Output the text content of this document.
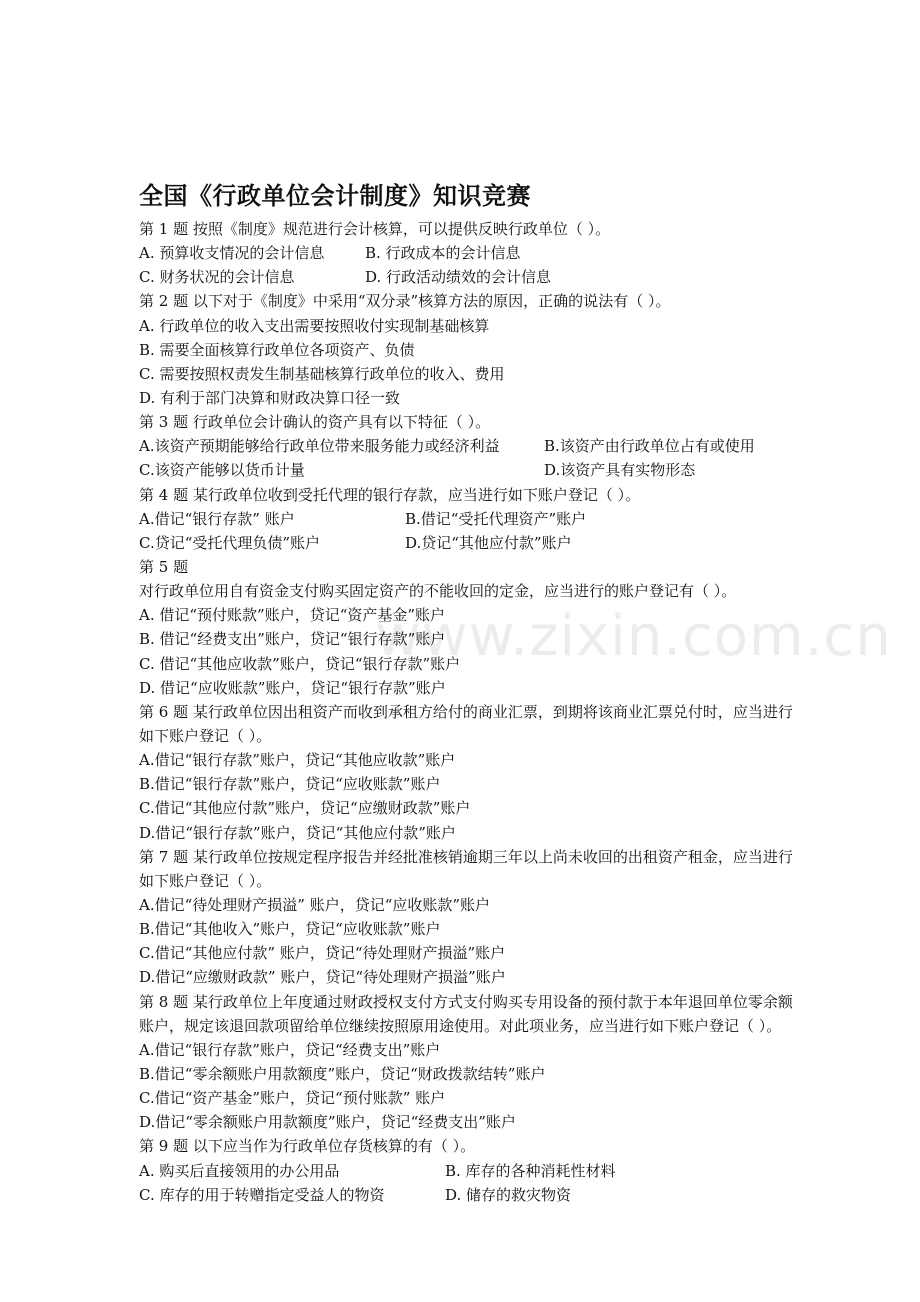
www.zixin.com.cn
全国《行政单位会计制度》知识竞赛
第 1 题 按照《制度》规范进行会计核算，可以提供反映行政单位（ ）。
A. 预算收支情况的会计信息	B. 行政成本的会计信息
C. 财务状况的会计信息	D. 行政活动绩效的会计信息
第 2 题 以下对于《制度》中采用“双分录”核算方法的原因，正确的说法有（ ）。
A. 行政单位的收入支出需要按照收付实现制基础核算
B. 需要全面核算行政单位各项资产、负债
C. 需要按照权责发生制基础核算行政单位的收入、费用
D. 有利于部门决算和财政决算口径一致
第 3 题 行政单位会计确认的资产具有以下特征（ ）。
A.该资产预期能够给行政单位带来服务能力或经济利益	B.该资产由行政单位占有或使用
C.该资产能够以货币计量	D.该资产具有实物形态
第 4 题 某行政单位收到受托代理的银行存款，应当进行如下账户登记（ ）。
A.借记“银行存款” 账户	B.借记“受托代理资产”账户
C.贷记“受托代理负债”账户	D.贷记“其他应付款”账户
第 5 题
对行政单位用自有资金支付购买固定资产的不能收回的定金，应当进行的账户登记有（ ）。
A. 借记“预付账款”账户，贷记“资产基金”账户
B. 借记“经费支出”账户，贷记“银行存款”账户
C. 借记“其他应收款”账户，贷记“银行存款”账户
D. 借记“应收账款”账户，贷记“银行存款”账户
第 6 题 某行政单位因出租资产而收到承租方给付的商业汇票，到期将该商业汇票兑付时，应当进行如下账户登记（ ）。
A.借记“银行存款”账户，贷记“其他应收款”账户
B.借记“银行存款”账户，贷记“应收账款”账户
C.借记“其他应付款”账户，贷记“应缴财政款”账户
D.借记“银行存款”账户，贷记“其他应付款”账户
第 7 题 某行政单位按规定程序报告并经批准核销逾期三年以上尚未收回的出租资产租金，应当进行如下账户登记（ ）。
A.借记“待处理财产损溢” 账户，贷记“应收账款”账户
B.借记“其他收入”账户，贷记“应收账款”账户
C.借记“其他应付款” 账户，贷记“待处理财产损溢”账户
D.借记“应缴财政款” 账户，贷记“待处理财产损溢”账户
第 8 题 某行政单位上年度通过财政授权支付方式支付购买专用设备的预付款于本年退回单位零余额账户，规定该退回款项留给单位继续按照原用途使用。对此项业务，应当进行如下账户登记（ ）。
A.借记“银行存款”账户，贷记“经费支出”账户
B.借记“零余额账户用款额度”账户，贷记“财政拨款结转”账户
C.借记“资产基金”账户，贷记“预付账款” 账户
D.借记“零余额账户用款额度”账户，贷记“经费支出”账户
第 9 题 以下应当作为行政单位存货核算的有（ ）。
A. 购买后直接领用的办公用品	B. 库存的各种消耗性材料
C. 库存的用于转赠指定受益人的物资	D. 储存的救灾物资
